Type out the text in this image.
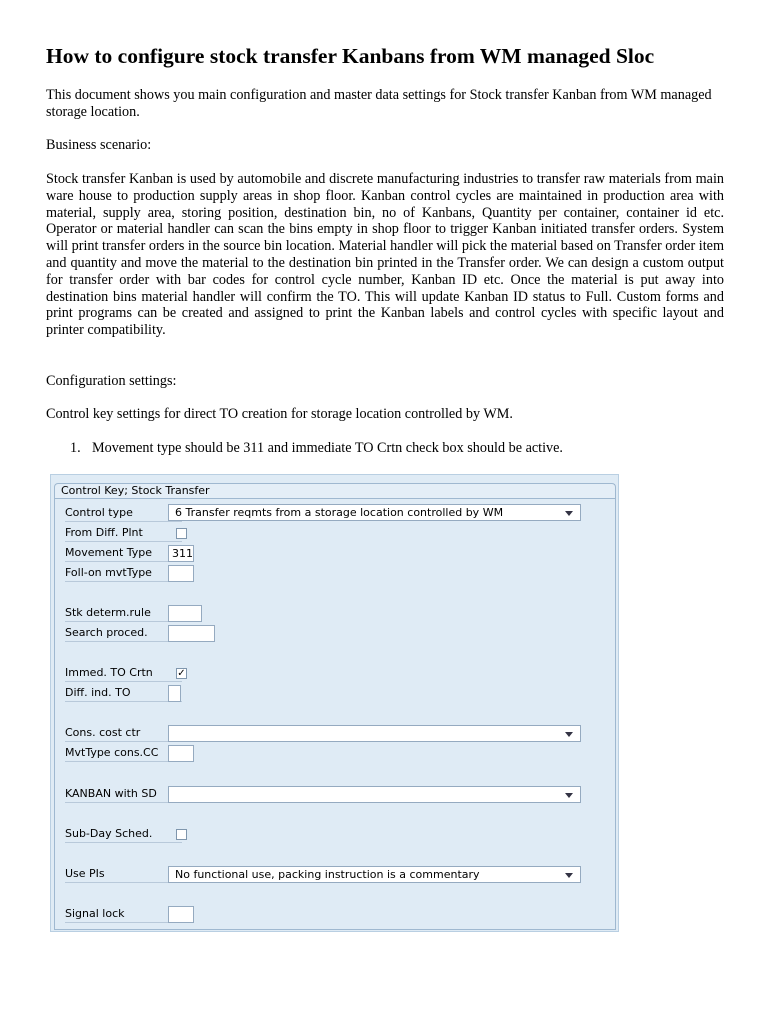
How to configure stock transfer Kanbans from WM managed Sloc

This document shows you main configuration and master data settings for Stock transfer Kanban from WM managed storage location.

Business scenario:

Stock transfer Kanban is used by automobile and discrete manufacturing industries to transfer raw materials from main ware house to production supply areas in shop floor. Kanban control cycles are maintained in production area with material, supply area, storing position, destination bin, no of Kanbans, Quantity per container, container id etc. Operator or material handler can scan the bins empty in shop floor to trigger Kanban initiated transfer orders. System will print transfer orders in the source bin location. Material handler will pick the material based on Transfer order item and quantity and move the material to the destination bin printed in the Transfer order. We can design a custom output for transfer order with bar codes for control cycle number, Kanban ID etc. Once the material is put away into destination bins material handler will confirm the TO. This will update Kanban ID status to Full. Custom forms and print programs can be created and assigned to print the Kanban labels and control cycles with specific layout and printer compatibility.

Configuration settings:

Control key settings for direct TO creation for storage location controlled by WM.

1. Movement type should be 311 and immediate TO Crtn check box should be active.
Control Key; Stock Transfer
Control type	6 Transfer reqmts from a storage location controlled by WM
From Diff. Plnt
Movement Type	311
Foll-on mvtType
Stk determ.rule
Search proced.
Immed. TO Crtn	✓
Diff. ind. TO
Cons. cost ctr
MvtType cons.CC
KANBAN with SD
Sub-Day Sched.
Use PIs	No functional use, packing instruction is a commentary
Signal lock
